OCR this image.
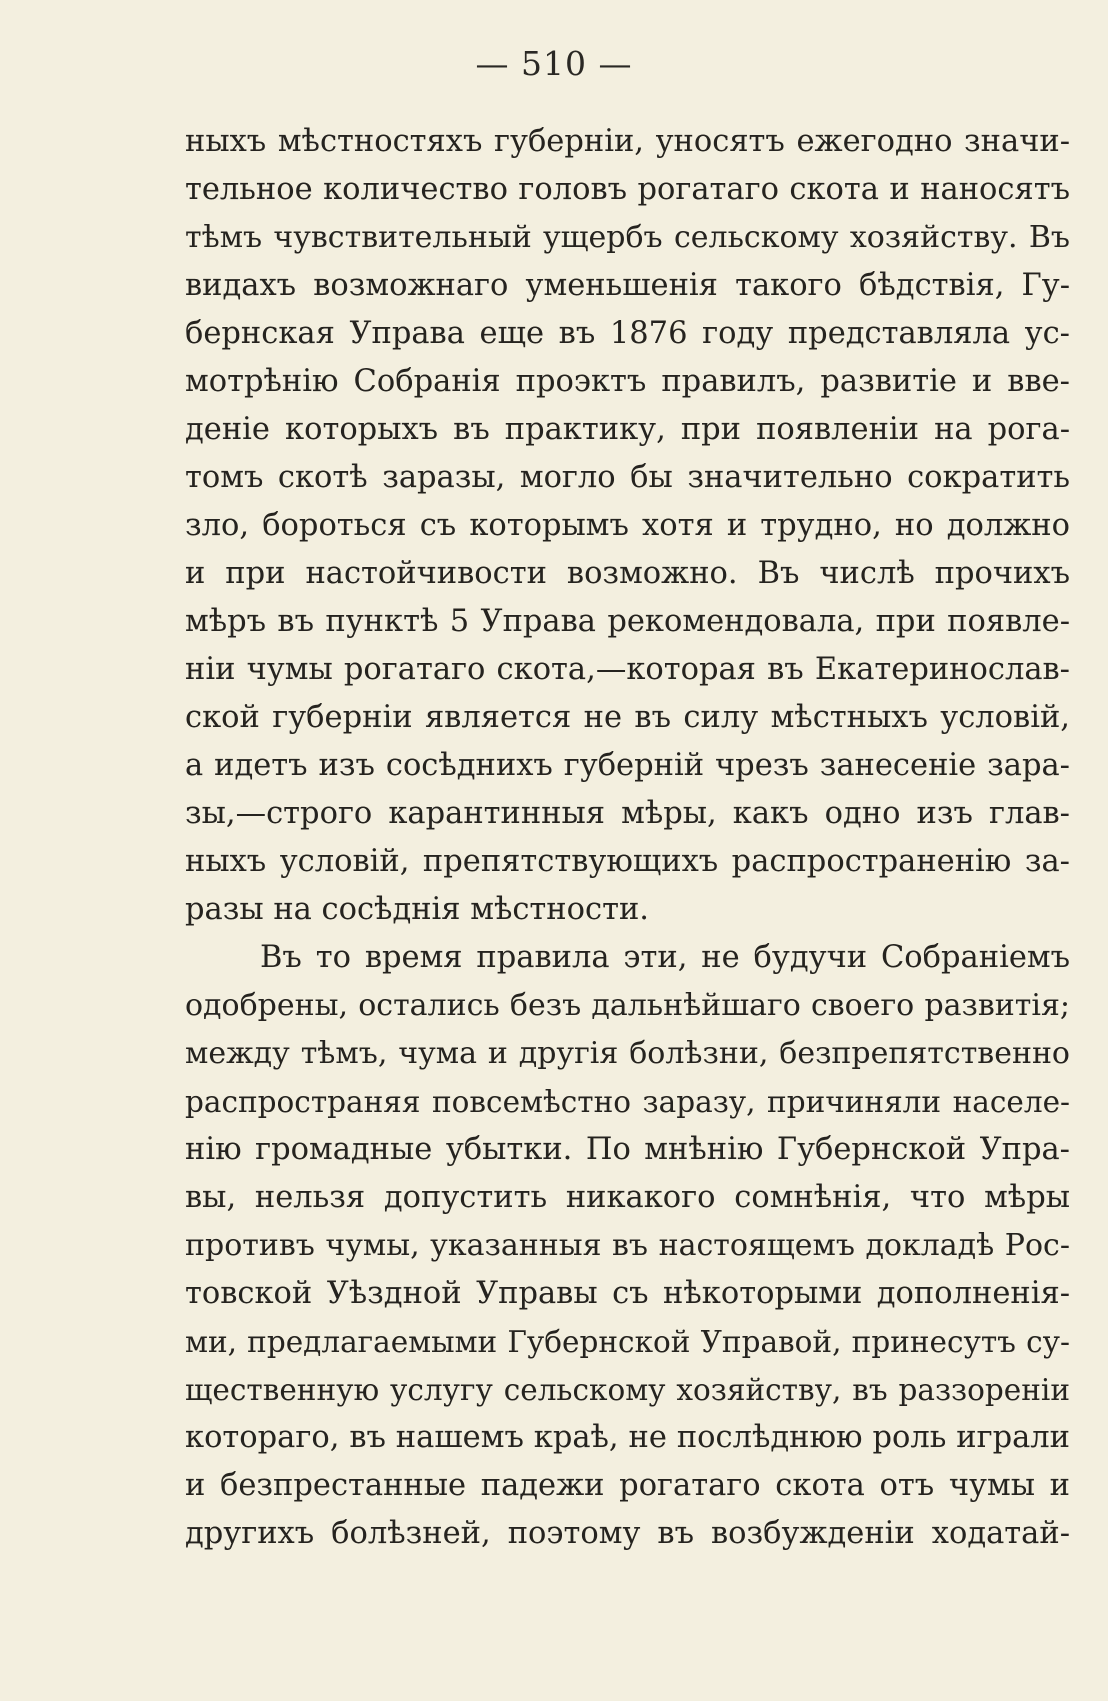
— 510 —
ныхъ мѣстностяхъ губерніи, уносятъ ежегодно значи-
тельное количество головъ рогатаго скота и наносятъ
тѣмъ чувствительный ущербъ сельскому хозяйству. Въ
видахъ возможнаго уменьшенія такого бѣдствія, Гу-
бернская Управа еще въ 1876 году представляла ус-
мотрѣнію Собранія проэктъ правилъ, развитіе и вве-
деніе которыхъ въ практику, при появленіи на рога-
томъ скотѣ заразы, могло бы значительно сократить
зло, бороться съ которымъ хотя и трудно, но должно
и при настойчивости возможно. Въ числѣ прочихъ
мѣръ въ пунктѣ 5 Управа рекомендовала, при появле-
ніи чумы рогатаго скота,—которая въ Екатеринослав-
ской губерніи является не въ силу мѣстныхъ условій,
а идетъ изъ сосѣднихъ губерній чрезъ занесеніе зара-
зы,—строго карантинныя мѣры, какъ одно изъ глав-
ныхъ условій, препятствующихъ распространенію за-
разы на сосѣднія мѣстности.
Въ то время правила эти, не будучи Собраніемъ
одобрены, остались безъ дальнѣйшаго своего развитія;
между тѣмъ, чума и другія болѣзни, безпрепятственно
распространяя повсемѣстно заразу, причиняли населе-
нію громадные убытки. По мнѣнію Губернской Упра-
вы, нельзя допустить никакого сомнѣнія, что мѣры
противъ чумы, указанныя въ настоящемъ докладѣ Рос-
товской Уѣздной Управы съ нѣкоторыми дополненія-
ми, предлагаемыми Губернской Управой, принесутъ су-
щественную услугу сельскому хозяйству, въ раззореніи
котораго, въ нашемъ краѣ, не послѣднюю роль играли
и безпрестанные падежи рогатаго скота отъ чумы и
другихъ болѣзней, поэтому въ возбужденіи ходатай-
